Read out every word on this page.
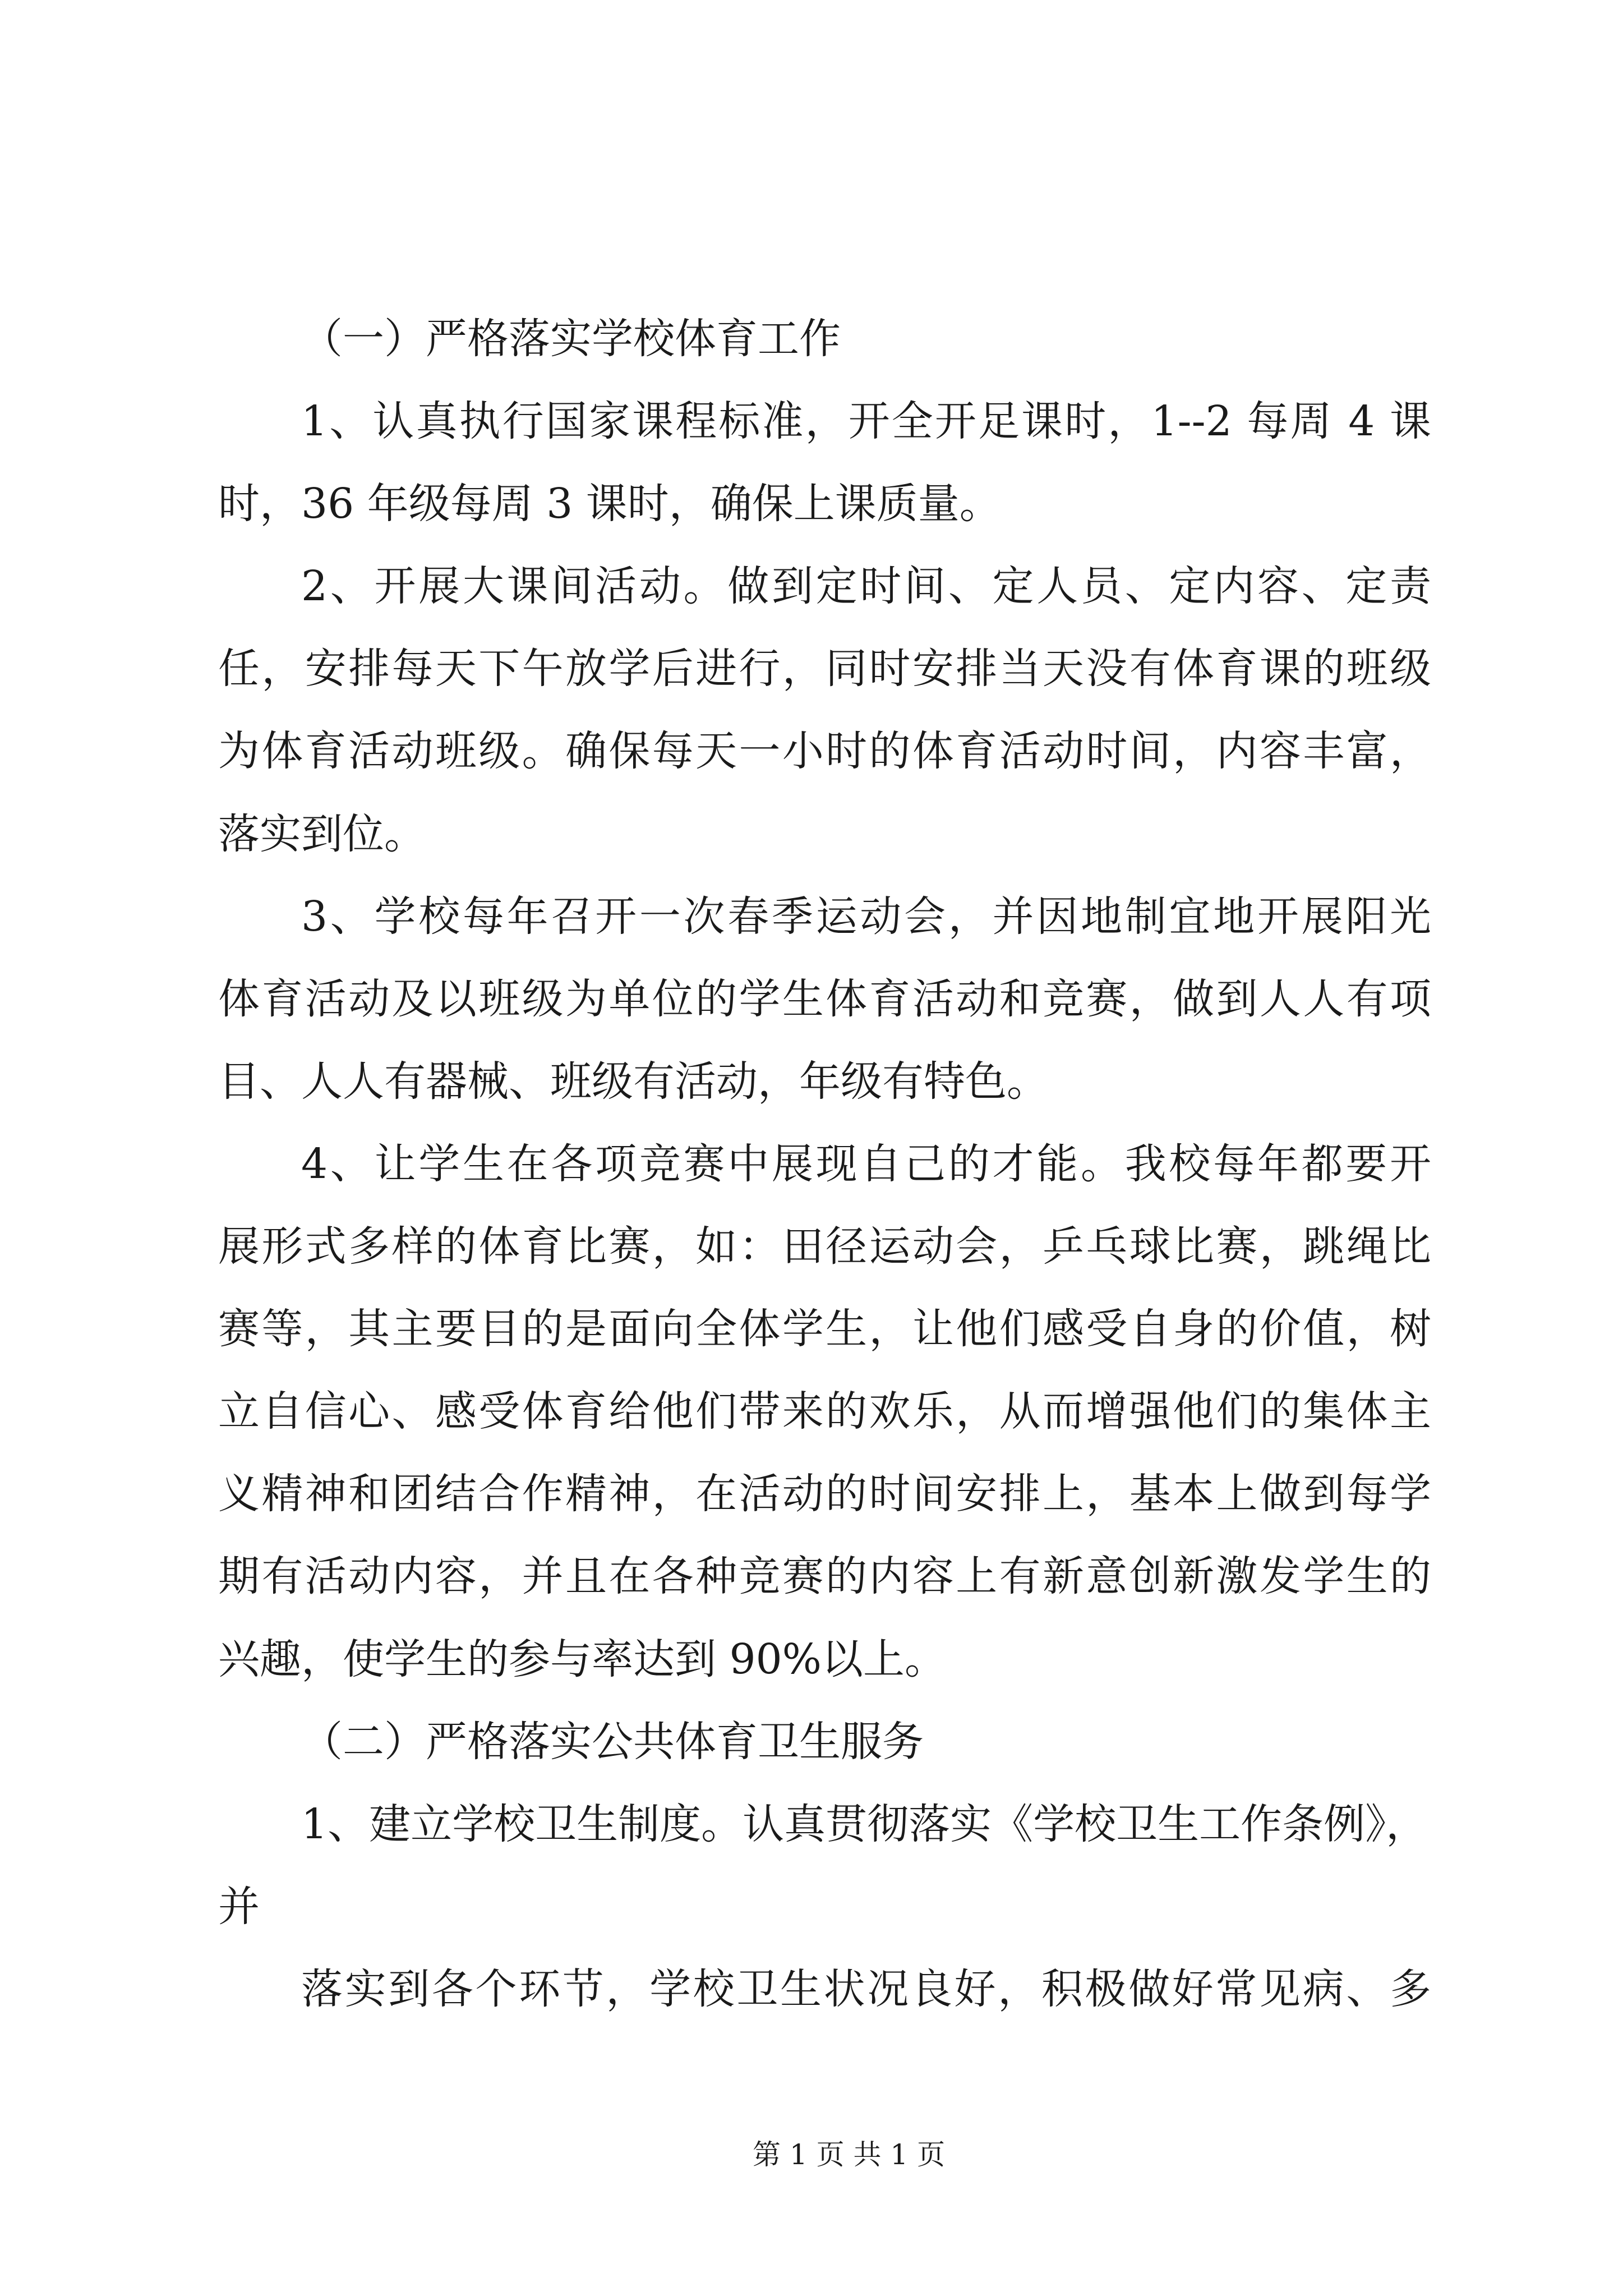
（一）严格落实学校体育工作
1、认真执行国家课程标准，开全开足课时，1--2 每周 4 课
时，36 年级每周 3 课时，确保上课质量。
2、开展大课间活动。做到定时间、定人员、定内容、定责
任，安排每天下午放学后进行，同时安排当天没有体育课的班级
为体育活动班级。确保每天一小时的体育活动时间，内容丰富，
落实到位。
3、学校每年召开一次春季运动会，并因地制宜地开展阳光
体育活动及以班级为单位的学生体育活动和竞赛，做到人人有项
目、人人有器械、班级有活动，年级有特色。
4、让学生在各项竞赛中展现自己的才能。我校每年都要开
展形式多样的体育比赛，如：田径运动会，乒乓球比赛，跳绳比
赛等，其主要目的是面向全体学生，让他们感受自身的价值，树
立自信心、感受体育给他们带来的欢乐，从而增强他们的集体主
义精神和团结合作精神，在活动的时间安排上，基本上做到每学
期有活动内容，并且在各种竞赛的内容上有新意创新激发学生的
兴趣，使学生的参与率达到 90%以上。
（二）严格落实公共体育卫生服务
1、建立学校卫生制度。认真贯彻落实《学校卫生工作条例》，
并
落实到各个环节，学校卫生状况良好，积极做好常见病、多
第 1 页 共 1 页
